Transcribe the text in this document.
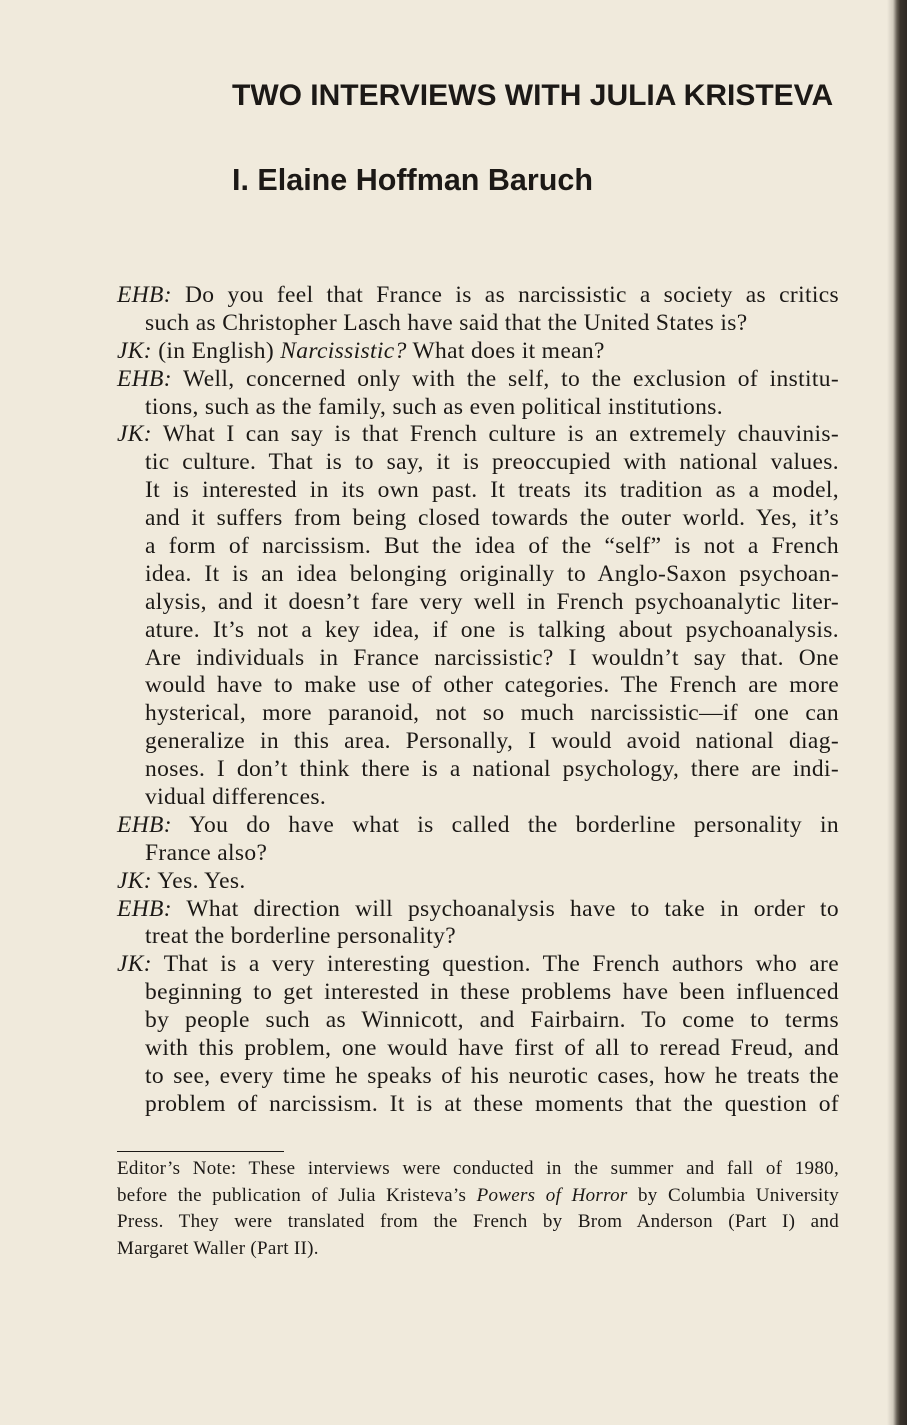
TWO INTERVIEWS WITH JULIA KRISTEVA
I. Elaine Hoffman Baruch
EHB: Do you feel that France is as narcissistic a society as critics
such as Christopher Lasch have said that the United States is?
JK: (in English) Narcissistic? What does it mean?
EHB: Well, concerned only with the self, to the exclusion of institu-
tions, such as the family, such as even political institutions.
JK: What I can say is that French culture is an extremely chauvinis-
tic culture. That is to say, it is preoccupied with national values.
It is interested in its own past. It treats its tradition as a model,
and it suffers from being closed towards the outer world. Yes, it’s
a form of narcissism. But the idea of the “self” is not a French
idea. It is an idea belonging originally to Anglo-Saxon psychoan-
alysis, and it doesn’t fare very well in French psychoanalytic liter-
ature. It’s not a key idea, if one is talking about psychoanalysis.
Are individuals in France narcissistic? I wouldn’t say that. One
would have to make use of other categories. The French are more
hysterical, more paranoid, not so much narcissistic—if one can
generalize in this area. Personally, I would avoid national diag-
noses. I don’t think there is a national psychology, there are indi-
vidual differences.
EHB: You do have what is called the borderline personality in
France also?
JK: Yes. Yes.
EHB: What direction will psychoanalysis have to take in order to
treat the borderline personality?
JK: That is a very interesting question. The French authors who are
beginning to get interested in these problems have been influenced
by people such as Winnicott, and Fairbairn. To come to terms
with this problem, one would have first of all to reread Freud, and
to see, every time he speaks of his neurotic cases, how he treats the
problem of narcissism. It is at these moments that the question of
Editor’s Note: These interviews were conducted in the summer and fall of 1980,
before the publication of Julia Kristeva’s Powers of Horror by Columbia University
Press. They were translated from the French by Brom Anderson (Part I) and
Margaret Waller (Part II).
